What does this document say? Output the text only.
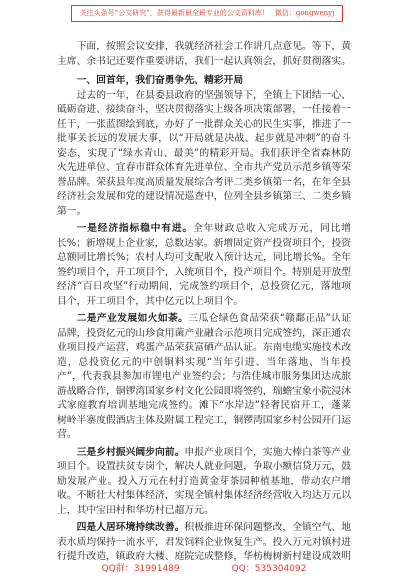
关注头条号“公文研究”，获得最新最全最专业的公文资料库！ 微信：gongwenyj

下面，按照会议安排，我就经济社会工作讲几点意见。等下，黄主席、余书记还要作重要讲话，我们一起认真领会，抓好贯彻落实。

一、回首年，我们奋勇争先、精彩开局

过去的一年，在县委县政府的坚强领导下，全镇上下团结一心、砥砺奋进、接续奋斗，坚决贯彻落实上级各项决策部署，一任接着一任干，一张蓝图绘到底，办好了一批群众关心的民生实事，推进了一批事关长远的发展大事，以“开局就是决战、起步就是冲刺”的奋斗姿态，实现了“绿水青山、最美”的精彩开局。我们获评全省森林防火先进单位、宜春市群众体育先进单位、全市共产党员示范乡镇等荣誉品牌。荣获县年度高质量发展综合考评二类乡镇第一名，在年全县经济社会发展和党的建设情况巡查中，位列全县乡镇第三、二类乡镇第一。

一是经济指标稳中有进。全年财政总收入完成万元，同比增长%；新增规上企业家，总数达家。新增固定资产投资项目个，投资总额同比增长%；农村人均可支配收入预计达元，同比增长%。全年签约项目个，开工项目个，入统项目个，投产项目个。特别是开放型经济“百日攻坚”行动期间，完成签约项目个，总投资亿元，落地项目个，开工项目个，其中亿元以上项目个。

二是产业发展如火如荼。三瓜仑绿色食品荣获“赣鄱正品”认证品牌，投资亿元的山珍食用菌产业融合示范项目完成签约，深正通农业项目投产运营，鸡蛋产品荣获富硒产品认证。东南电缆实施技术改造，总投资亿元的中创铜料实现“当年引进、当年落地、当年投产”，代表我县参加市锂电产业签约会；与浩佳城市服务集团达成旅游战略合作，铜锣湾国家乡村文化公园即将签约，瑞蟾宝象小院浸沐式家庭教育培训基地完成签约。滩下“水岸边”轻奢民宿开工，蓬莱树岭半寨度假酒店主体及附属工程完工，铜锣湾国家乡村公园开门运营。

三是乡村振兴阔步向前。申报产业项目个，实施大棒白茶等产业项目个。设置扶贫专岗个，解决人就业问题，争取小额信贷万元，鼓励发展产业。投入万元在村打造黄金芽茶园种植基地，带动农户增收。不断壮大村集体经济，实现全镇村集体经济经营收入均达万元以上，其中宝田村和华坊村已超万元。

四是人居环境持续改善。积极推进环保问题整改，全镇空气、地表水质均保持一流水平，君发饲料企业恢复生产。投入万元对镇村进行提升改造，镇政府大楼、庭院完成整修，华枋梅树新村建设成效明

QQ群：31991489	QQ：535304092
